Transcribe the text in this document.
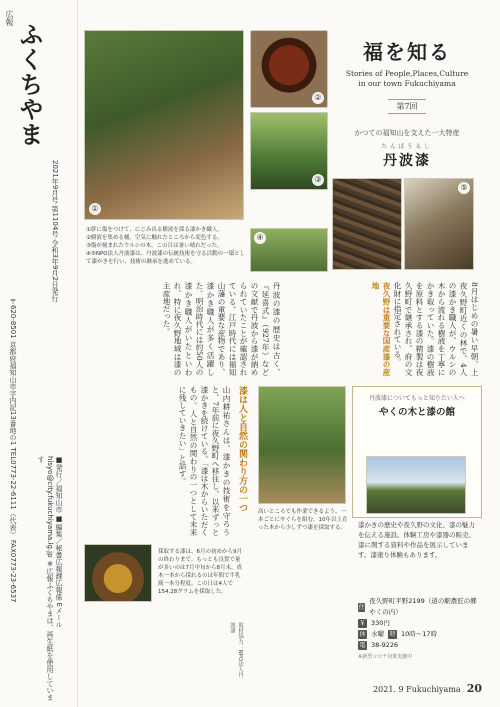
広報
ふくちやま
2021年9月号 第1104号 令和3年9月2日発行
〒620-8501 京都府福知山市字内記13番地の1 TEL0773-22-6111（代表） FAX0773-23-6537	■発行／福知山市 ■編集／秘書広報課広報係 Eメール hisyo@city.fukuchiyama.lg.jp ※広報ふくちやまは、再生紙を使用しています
①
②
③
④
⑤
福を知る
Stories of People,Places,Culture
in our town Fukuchiyama
第7回
かつての福知山を支えた一大特産
たんばうるし
丹波漆
①幹に傷をつけて、にじみ出る樹液を採る漆かき職人。
②樹液を集める桶。空気に触れたところから変色する。
③傷が刻まれたウルシの木。この日は暑い晴れだった。
④⑤NPO法人丹波漆は、丹波漆の伝統技術を守る活動の一環として漆かきを行い、技術の継承を進めている。
8月はじめの暑い早朝、上夜久野町近くの林で、4人の漆かき職人が、ウルシの木から流れる樹液を丁寧にかき取っていた。漆の樹液を原料とする漆の精製は夜久野町で継承され、府の文化財に指定されている。
夜久野は重要な国産漆の産地
丹波の漆の歴史は古く、『延喜式』（927年）などの文献で丹波から漆が納められていたことが確認されている。江戸時代には福知山藩の重要な産物であり、漆かき職人が多く活躍した。明治時代には約50人の漆かき職人がいたといわれ、特に夜久野地域は漆の主産地だった。
漆は人と自然の関わり方の一つ
山内耕祐さんは、漆かきの技術を守ろうと、7年前に夜久野町へ移住し、以来ずっと漆かきを続けている。「漆は木からいただくもの。人と自然の関わりの一つとして未来に残していきたい」と話す。
高いところでも作業できるよう、一本ごとにやぐらを組む。10年以上育った木から少しずつ漆を採取する。
丹波漆についてもっと知りたい人へ
やくの木と漆の館
漆かきの歴史や夜久野の文化、漆の魅力を伝える施設。体験工房や漆器の販売、漆に関する資料や作品を展示しています。漆塗り体験もあります。
住
夜久野町平野2199（道の駅農匠の郷やくの内）
￥ 330円
休 水曜 時 10時～17時
電 38-9226
※新型コロナ対策実施中
採取する漆は、6月の初めから9月の終わりまで。もっとも良質で量が多いのは7月中旬から8月末。成木一本から採れるのは年間で牛乳瓶一本分程度。この日は4人で154.28グラムを採取した。
取材協力：NPO法人丹波漆
2021. 9 Fukuchiyama 20
